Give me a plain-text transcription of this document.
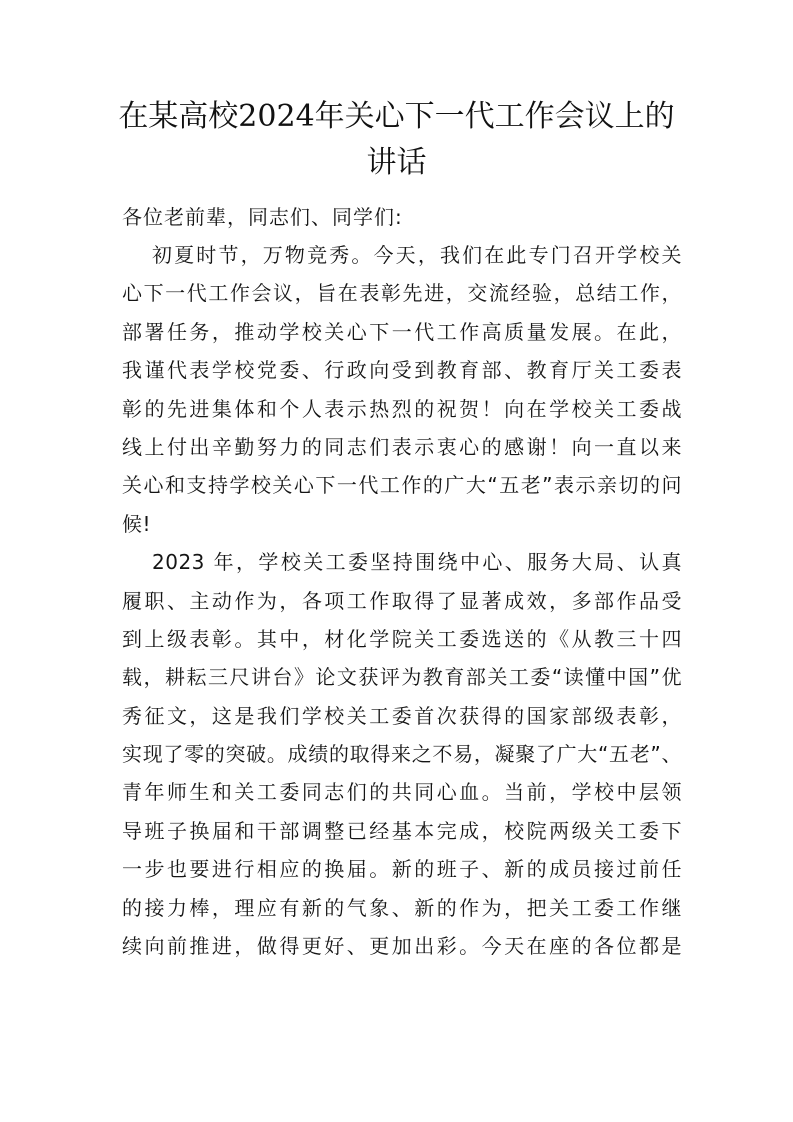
在某高校2024年关心下一代工作会议上的
讲话

各位老前辈，同志们、同学们:

初夏时节，万物竞秀。今天，我们在此专门召开学校关
心下一代工作会议，旨在表彰先进，交流经验，总结工作，
部署任务，推动学校关心下一代工作高质量发展。在此，
我谨代表学校党委、行政向受到教育部、教育厅关工委表
彰的先进集体和个人表示热烈的祝贺！向在学校关工委战
线上付出辛勤努力的同志们表示衷心的感谢！向一直以来
关心和支持学校关心下一代工作的广大“五老”表示亲切的问
候!
2023 年，学校关工委坚持围绕中心、服务大局、认真
履职、主动作为，各项工作取得了显著成效，多部作品受
到上级表彰。其中，材化学院关工委选送的《从教三十四
载，耕耘三尺讲台》论文获评为教育部关工委“读懂中国”优
秀征文，这是我们学校关工委首次获得的国家部级表彰，
实现了零的突破。成绩的取得来之不易，凝聚了广大“五老”、
青年师生和关工委同志们的共同心血。当前，学校中层领
导班子换届和干部调整已经基本完成，校院两级关工委下
一步也要进行相应的换届。新的班子、新的成员接过前任
的接力棒，理应有新的气象、新的作为，把关工委工作继
续向前推进，做得更好、更加出彩。今天在座的各位都是
